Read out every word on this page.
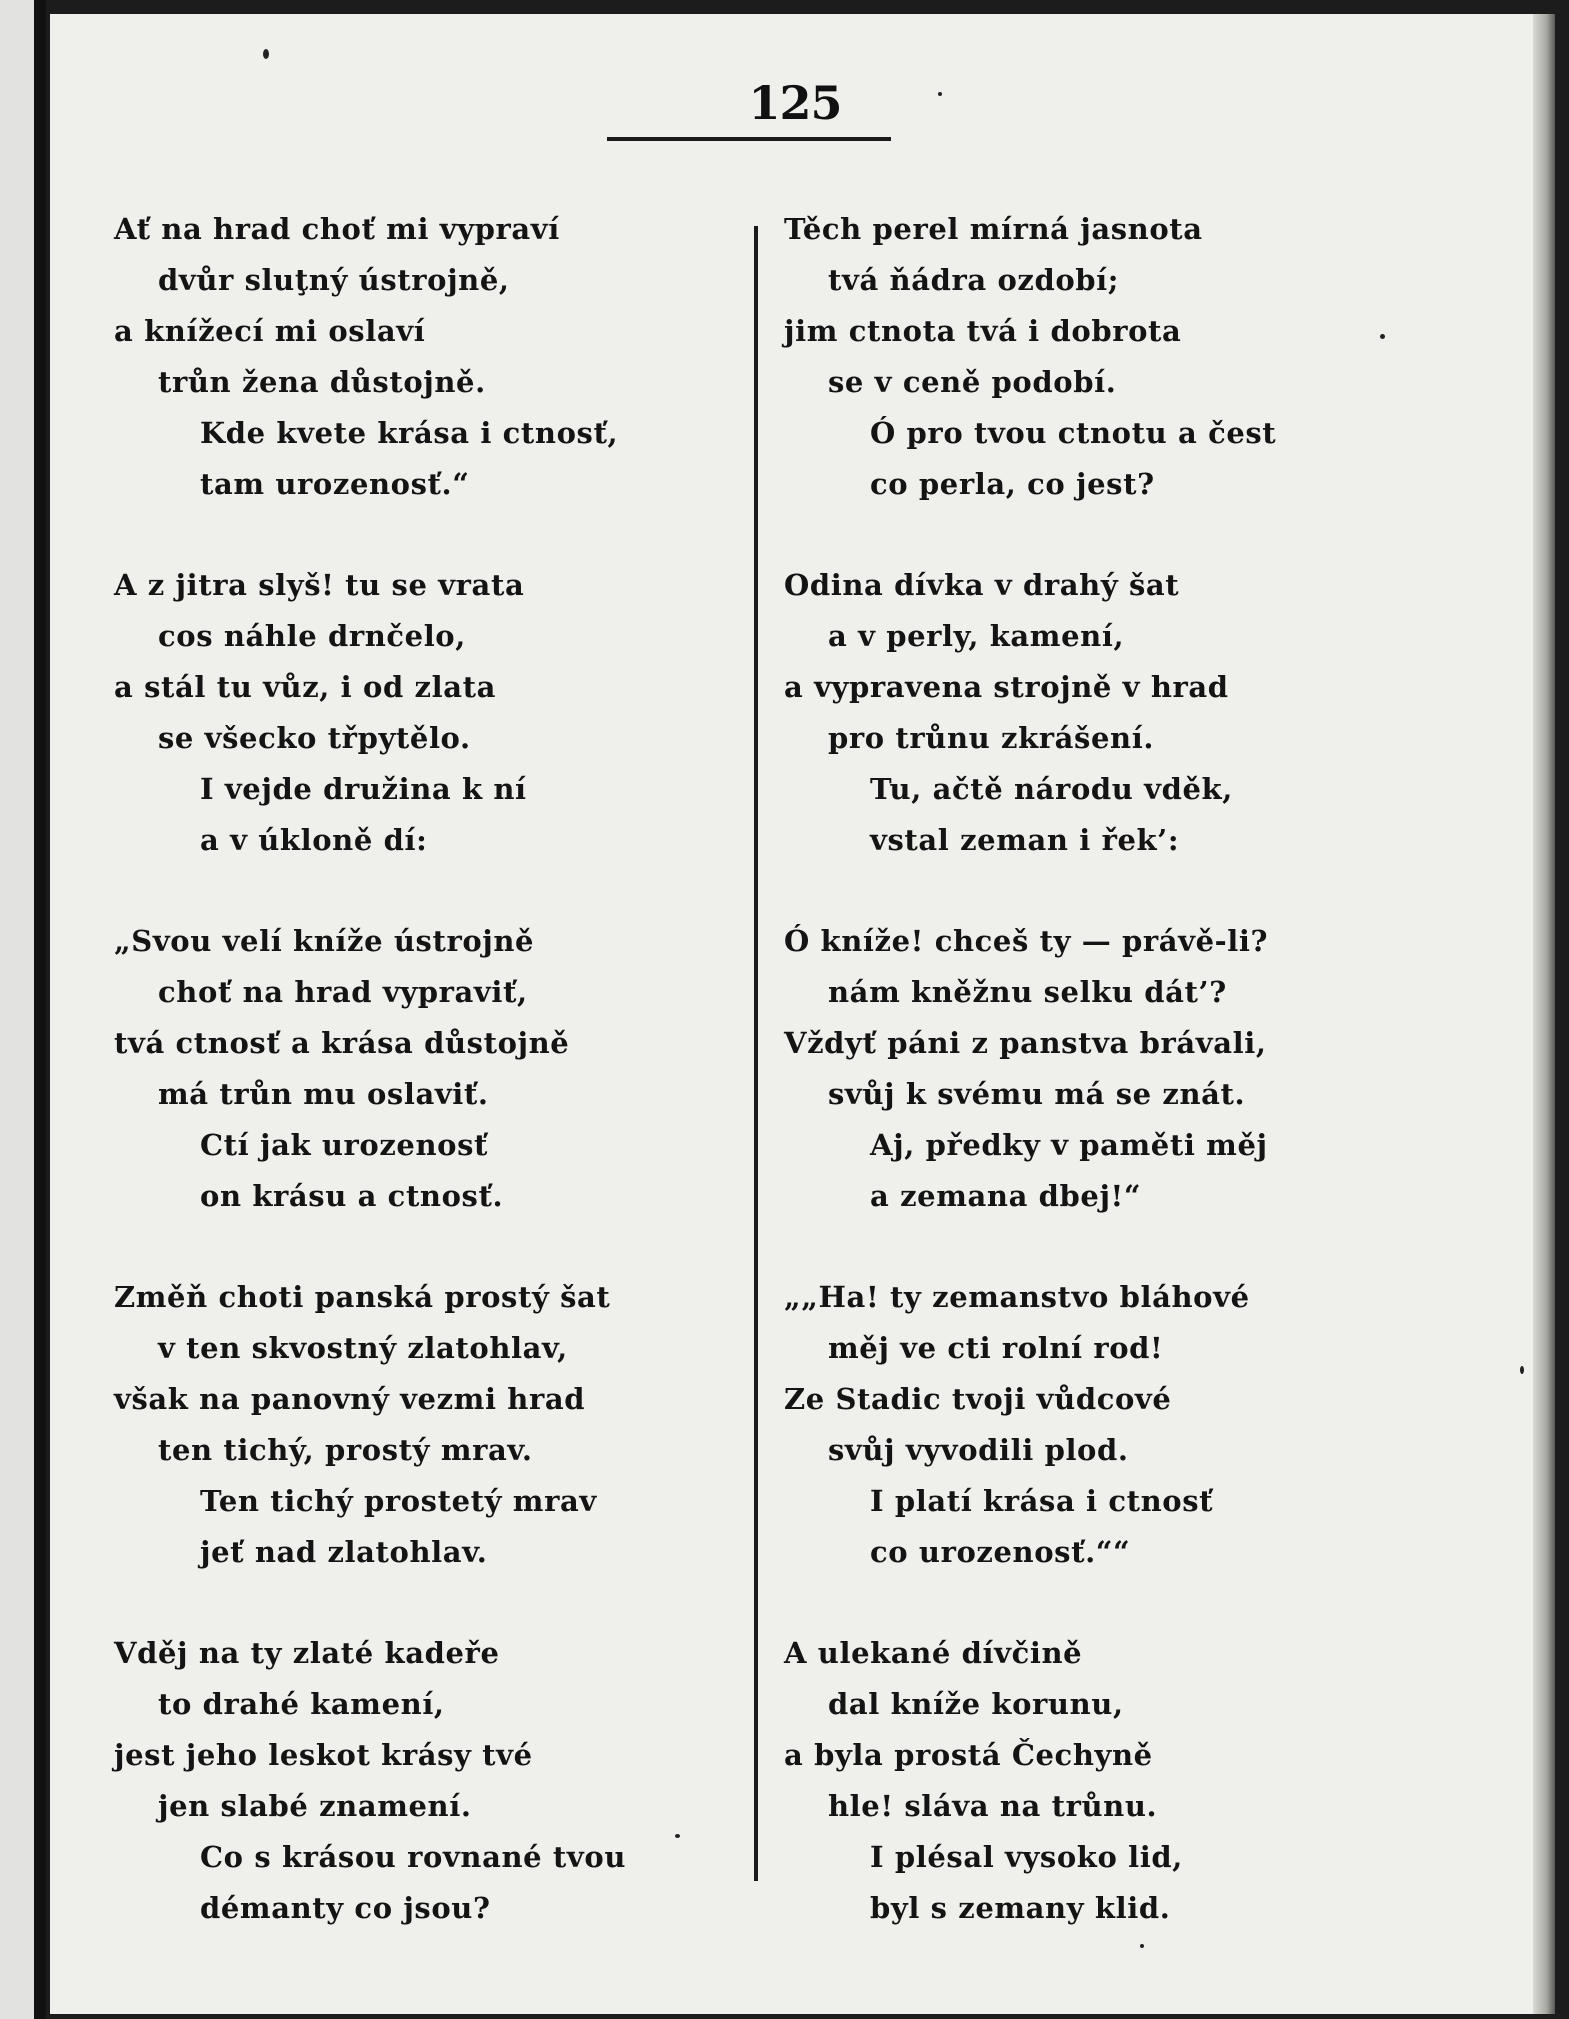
125
Ať na hrad choť mi vypraví
dvůr sluţný ústrojně,
a knížecí mi oslaví
trůn žena důstojně.
Kde kvete krása i ctnosť,
tam urozenosť.“
A z jitra slyš! tu se vrata
cos náhle drnčelo,
a stál tu vůz, i od zlata
se všecko třpytělo.
I vejde družina k ní
a v úkloně dí:
„Svou velí kníže ústrojně
choť na hrad vypraviť,
tvá ctnosť a krása důstojně
má trůn mu oslaviť.
Ctí jak urozenosť
on krásu a ctnosť.
Změň choti panská prostý šat
v ten skvostný zlatohlav,
však na panovný vezmi hrad
ten tichý, prostý mrav.
Ten tichý prostetý mrav
jeť nad zlatohlav.
Vděj na ty zlaté kadeře
to drahé kamení,
jest jeho leskot krásy tvé
jen slabé znamení.
Co s krásou rovnané tvou
démanty co jsou?
Těch perel mírná jasnota
tvá ňádra ozdobí;
jim ctnota tvá i dobrota
se v ceně podobí.
Ó pro tvou ctnotu a čest
co perla, co jest?
Odina dívka v drahý šat
a v perly, kamení,
a vypravena strojně v hrad
pro trůnu zkrášení.
Tu, ačtě národu vděk,
vstal zeman i řek’:
Ó kníže! chceš ty — právě-li?
nám kněžnu selku dát’?
Vždyť páni z panstva brávali,
svůj k svému má se znát.
Aj, předky v paměti měj
a zemana dbej!“
„„Ha! ty zemanstvo bláhové
měj ve cti rolní rod!
Ze Stadic tvoji vůdcové
svůj vyvodili plod.
I platí krása i ctnosť
co urozenosť.““
A ulekané dívčině
dal kníže korunu,
a byla prostá Čechyně
hle! sláva na trůnu.
I plésal vysoko lid,
byl s zemany klid.
